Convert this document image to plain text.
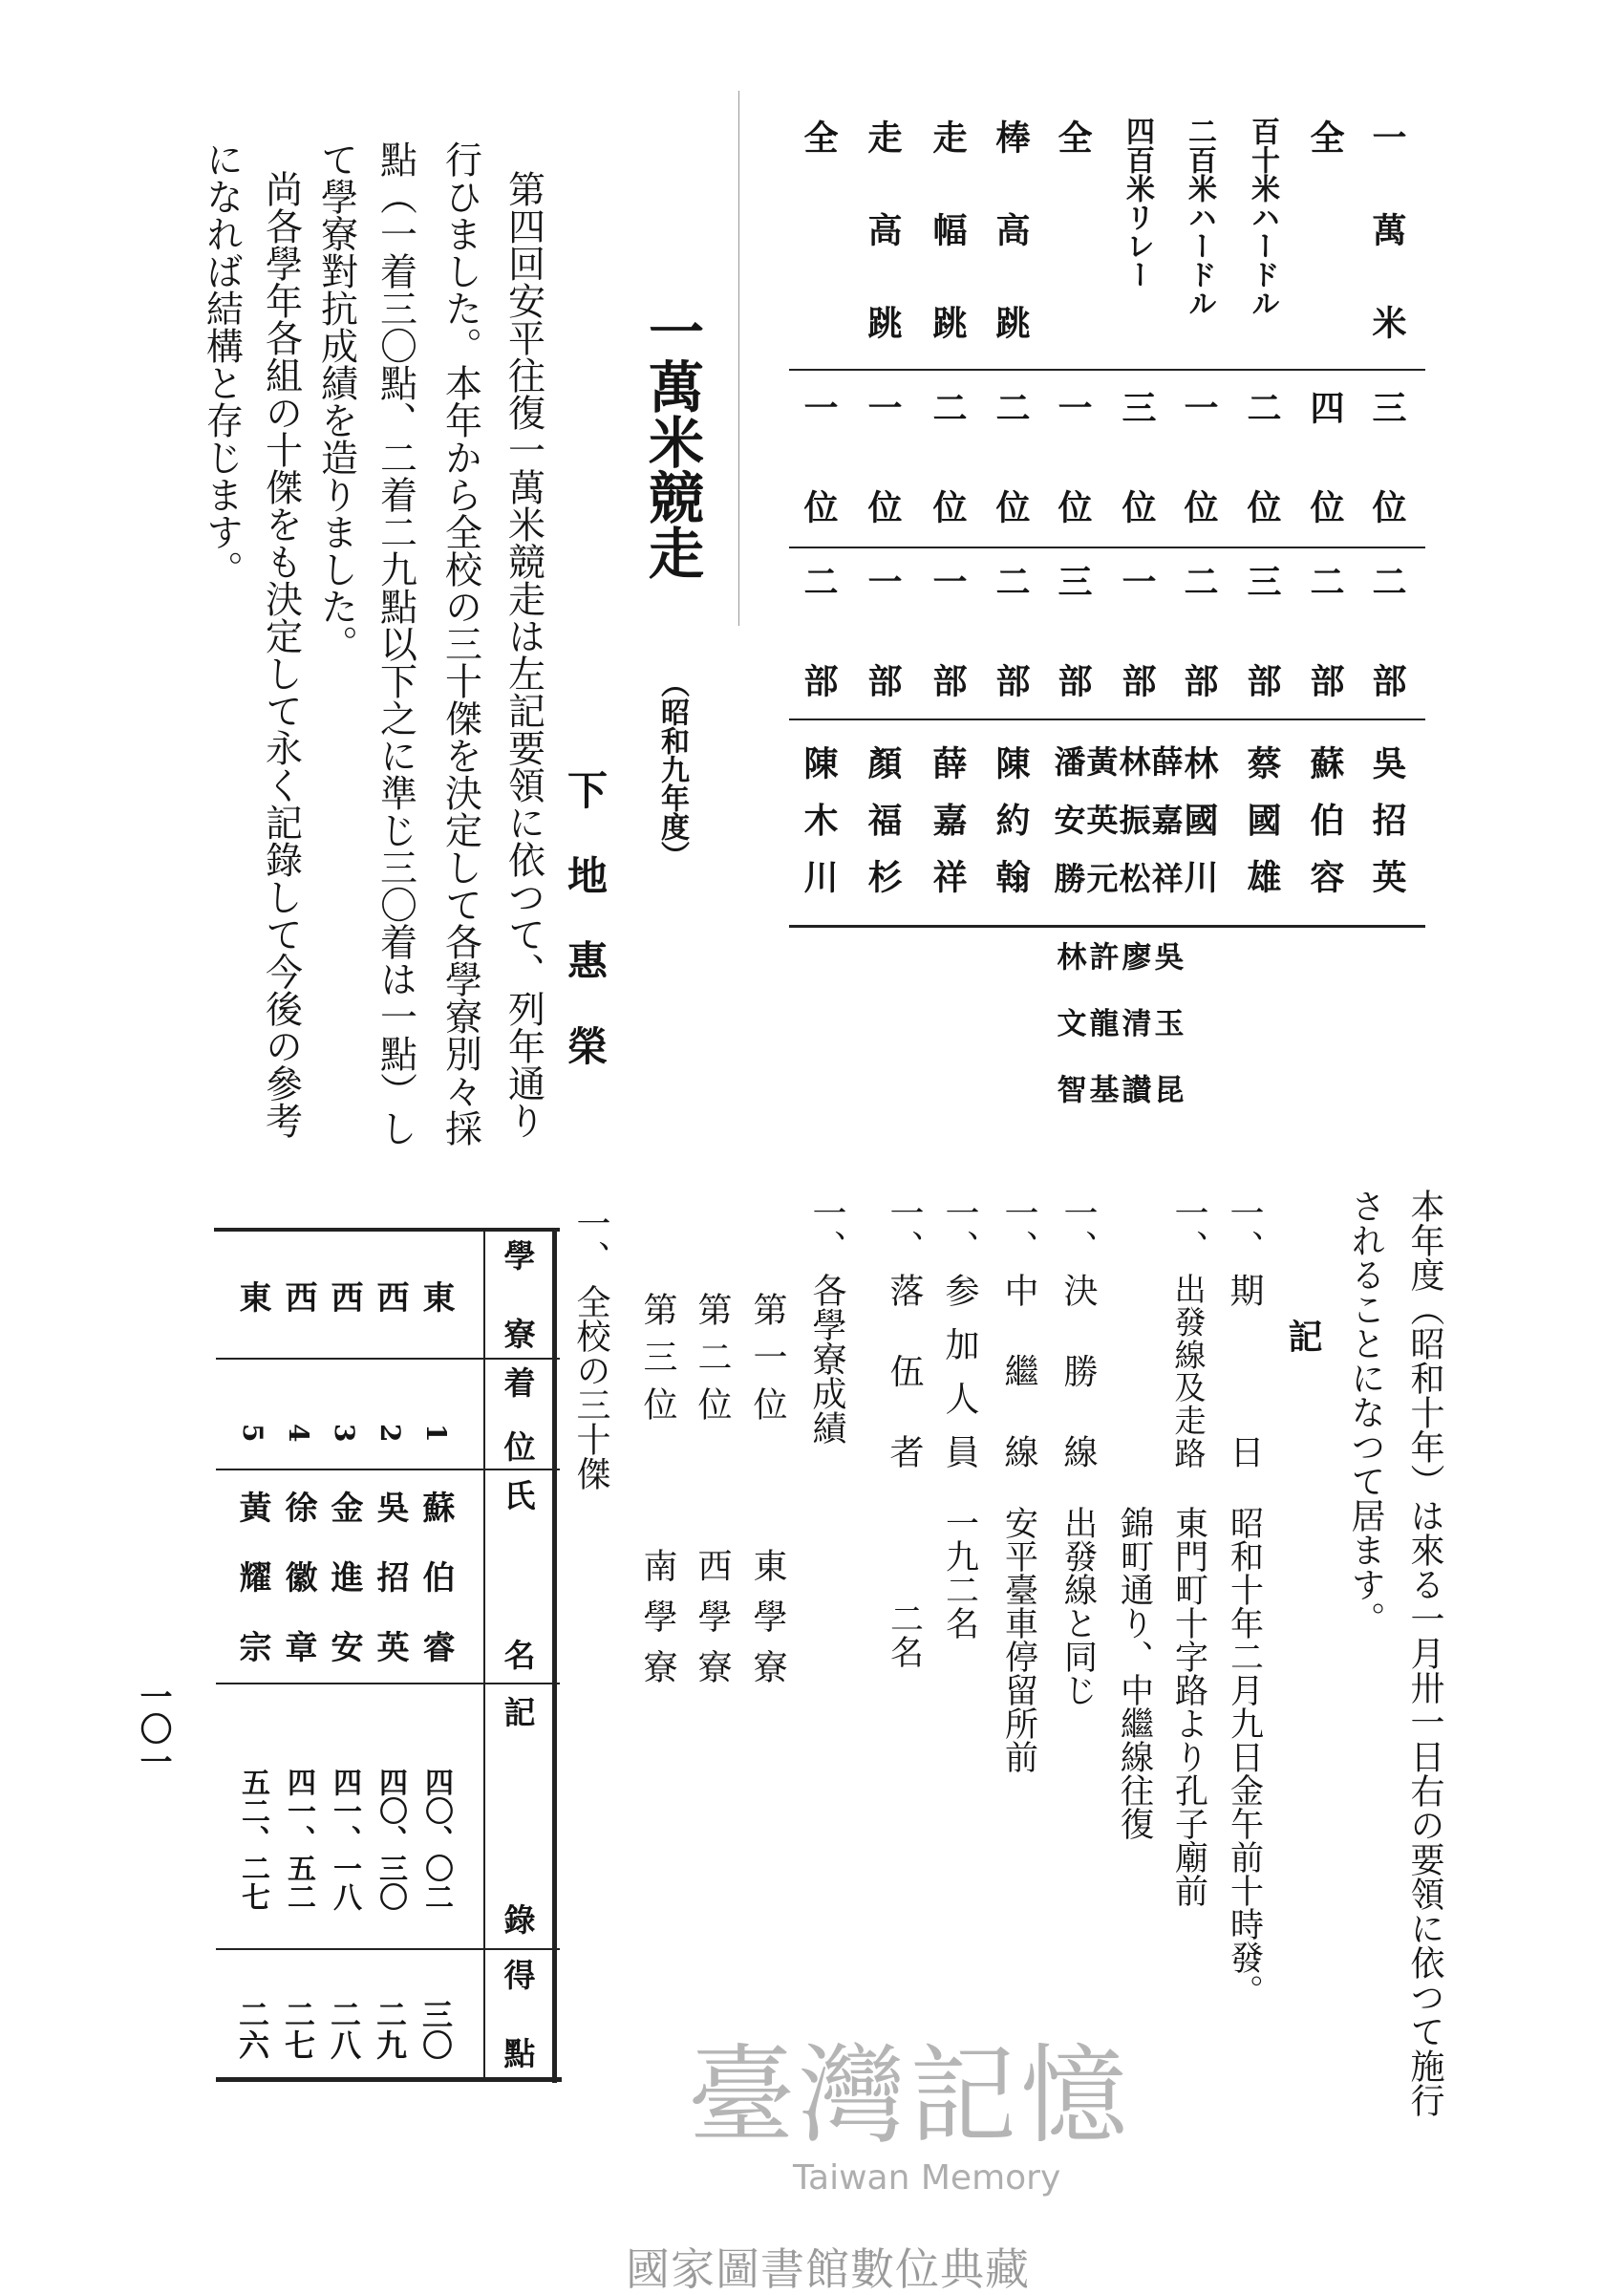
臺灣記憶
Taiwan Memory
國家圖書館數位典藏
一萬米
三位
二部
吳招英
全
四位
二部
蘇伯容
百十米ハードル
二位
三部
蔡國雄
二百米ハードル
一位
二部
林國川
四百米リレー
三位
一部
全
一位
三部
棒高跳
二位
二部
陳約翰
走幅跳
二位
一部
薛嘉祥
走高跳
一位
一部
顏福杉
全
一位
二部
陳木川	薛嘉祥
林振松
黃英元
潘安勝
吳玉昆
廖清讃
許龍基
林文智
一萬米競走
（昭和九年度）
下地惠榮
第四回安平往復一萬米競走は左記要領に依つて、列年通り
行ひました。本年から全校の三十傑を決定して各學寮別々採
點（一着三〇點、二着二九點以下之に準じ三〇着は一點）し
て學寮對抗成績を造りました。
尚各學年各組の十傑をも決定して永く記錄して今後の參考
になれば結構と存じます。
本年度（昭和十年）は來る一月卅一日右の要領に依つて施行
されることになつて居ます。
記
一、
期日
昭和十年二月九日金午前十時發。
一、
出發線及走路
東門町十字路より孔子廟前
錦町通り、中繼線往復
一、
決勝線
出發線と同じ
一、
中繼線
安平臺車停留所前
一、
参加人員
一九二名
一、
落伍者
二名
一、
各學寮成績
第一位
東學寮
第二位
西學寮
第三位
南學寮
一、
全校の三十傑
學寮
着位
氏名
記錄
得點
東
1
蘇伯睿
四〇、〇二
三〇
西
2
吳招英
四〇、三〇
二九
西
3
金進安
四一、一八
二八
西
4
徐徽章
四一、五二
二七
東
5
黃耀宗
五二、二七
二六
一〇一
